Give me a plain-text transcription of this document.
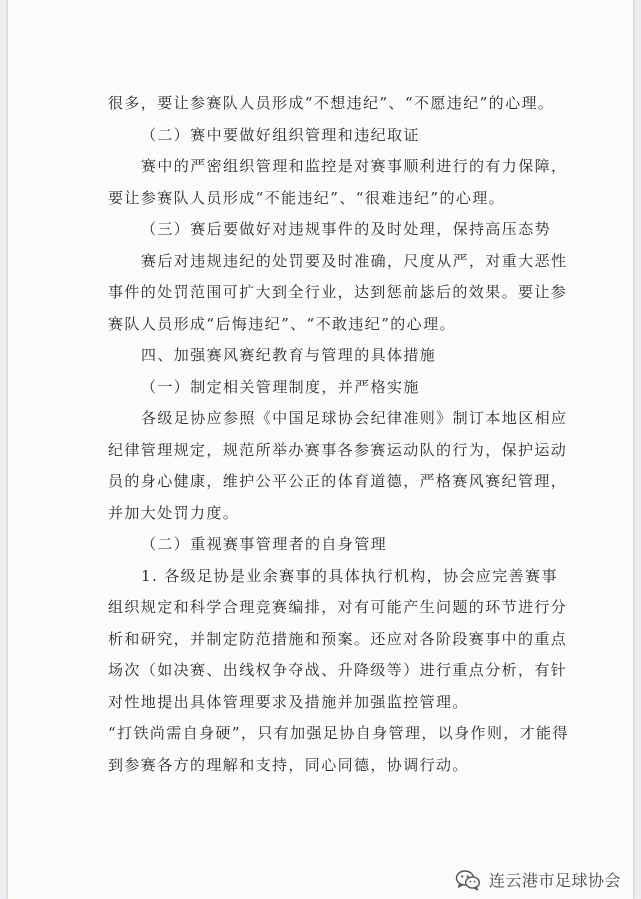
很多，要让参赛队人员形成“不想违纪”、“不愿违纪”的心理。

（二）赛中要做好组织管理和违纪取证

赛中的严密组织管理和监控是对赛事顺利进行的有力保障，要让参赛队人员形成“不能违纪”、“很难违纪”的心理。

（三）赛后要做好对违规事件的及时处理，保持高压态势

赛后对违规违纪的处罚要及时准确，尺度从严，对重大恶性事件的处罚范围可扩大到全行业，达到惩前毖后的效果。要让参赛队人员形成“后悔违纪”、“不敢违纪”的心理。

四、加强赛风赛纪教育与管理的具体措施

（一）制定相关管理制度，并严格实施

各级足协应参照《中国足球协会纪律准则》制订本地区相应纪律管理规定，规范所举办赛事各参赛运动队的行为，保护运动员的身心健康，维护公平公正的体育道德，严格赛风赛纪管理，并加大处罚力度。

（二）重视赛事管理者的自身管理

1. 各级足协是业余赛事的具体执行机构，协会应完善赛事组织规定和科学合理竞赛编排，对有可能产生问题的环节进行分析和研究，并制定防范措施和预案。还应对各阶段赛事中的重点场次（如决赛、出线权争夺战、升降级等）进行重点分析，有针对性地提出具体管理要求及措施并加强监控管理。

“打铁尚需自身硬”，只有加强足协自身管理，以身作则，才能得到参赛各方的理解和支持，同心同德，协调行动。

连云港市足球协会
